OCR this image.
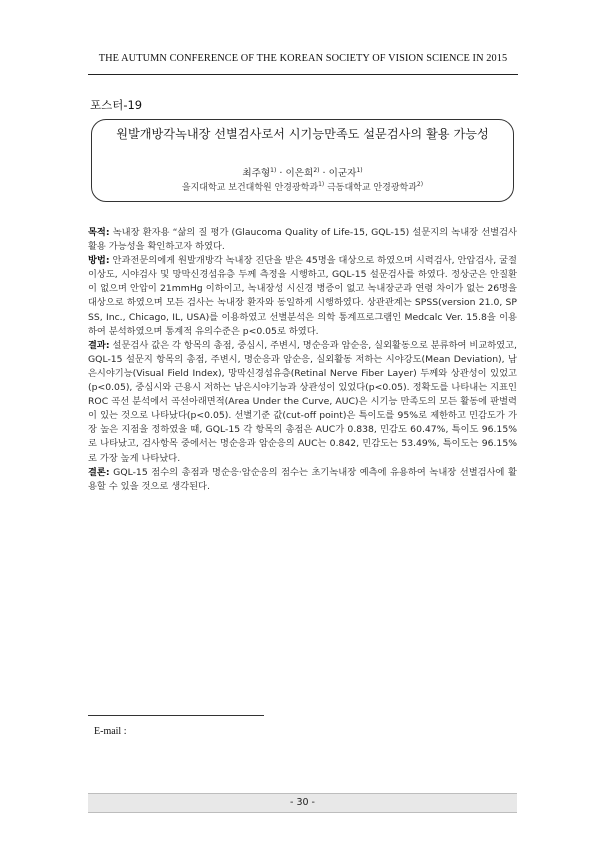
THE AUTUMN CONFERENCE OF THE KOREAN SOCIETY OF VISION SCIENCE IN 2015
포스터-19
원발개방각녹내장 선별검사로서 시기능만족도 설문검사의 활용 가능성
최주형$^{1)}$ · 이은희$^{2)}$ · 이군자$^{1)}$
을지대학교 보건대학원 안경광학과$^{1)}$ 극동대학교 안경광학과$^{2)}$

목적: 녹내장 환자용 “삶의 질 평가 (Glaucoma Quality of Life-15, GQL-15) 설문지의 녹내장 선별검사 활용 가능성을 확인하고자 하였다.

방법: 안과전문의에게 원발개방각 녹내장 진단을 받은 45명을 대상으로 하였으며 시력검사, 안압검사, 굴절이상도, 시야검사 및 망막신경섬유층 두께 측정을 시행하고, GQL-15 설문검사를 하였다. 정상군은 안질환이 없으며 안압이 21mmHg 이하이고, 녹내장성 시신경 병증이 없고 녹내장군과 연령 차이가 없는 26명을 대상으로 하였으며 모든 검사는 녹내장 환자와 동일하게 시행하였다. 상관관계는 SPSS(version 21.0, SPSS, Inc., Chicago, IL, USA)를 이용하였고 선별분석은 의학 통계프로그램인 Medcalc Ver. 15.8을 이용하여 분석하였으며 통계적 유의수준은 p<0.05로 하였다.

결과: 설문검사 값은 각 항목의 총점, 중심시, 주변시, 명순응과 암순응, 실외활동으로 분류하여 비교하였고, GQL-15 설문지 항목의 총점, 주변시, 명순응과 암순응, 실외활동 저하는 시야강도(Mean Deviation), 남은시야기능(Visual Field Index), 망막신경섬유층(Retinal Nerve Fiber Layer) 두께와 상관성이 있었고(p<0.05), 중심시와 근용시 저하는 남은시야기능과 상관성이 있었다(p<0.05). 정확도를 나타내는 지표인 ROC 곡선 분석에서 곡선아래면적(Area Under the Curve, AUC)은 시기능 만족도의 모든 활동에 판별력이 있는 것으로 나타났다(p<0.05). 선별기준 값(cut-off point)은 특이도를 95%로 제한하고 민감도가 가장 높은 지점을 정하였을 때, GQL-15 각 항목의 총점은 AUC가 0.838, 민감도 60.47%, 특이도 96.15%로 나타났고, 검사항목 중에서는 명순응과 암순응의 AUC는 0.842, 민감도는 53.49%, 특이도는 96.15%로 가장 높게 나타났다.

결론: GQL-15 점수의 총점과 명순응·암순응의 점수는 초기녹내장 예측에 유용하여 녹내장 선별검사에 활용할 수 있을 것으로 생각된다.

E-mail :
- 30 -
